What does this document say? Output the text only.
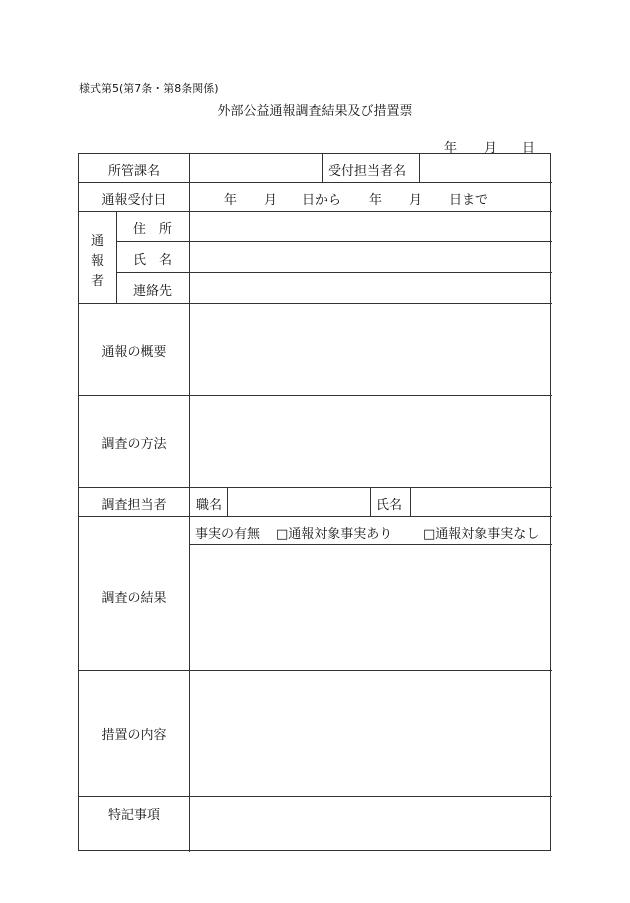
様式第5(第7条・第8条関係)
外部公益通報調査結果及び措置票
年	月	日
所管課名	受付担当者名
通報受付日	年 月 日から 年 月 日まで
通
報
者
住　所
氏　名
連絡先
通報の概要
調査の方法
調査担当者	職名	氏名
調査の結果
事実の有無 □通報対象事実あり □通報対象事実なし
措置の内容
特記事項
